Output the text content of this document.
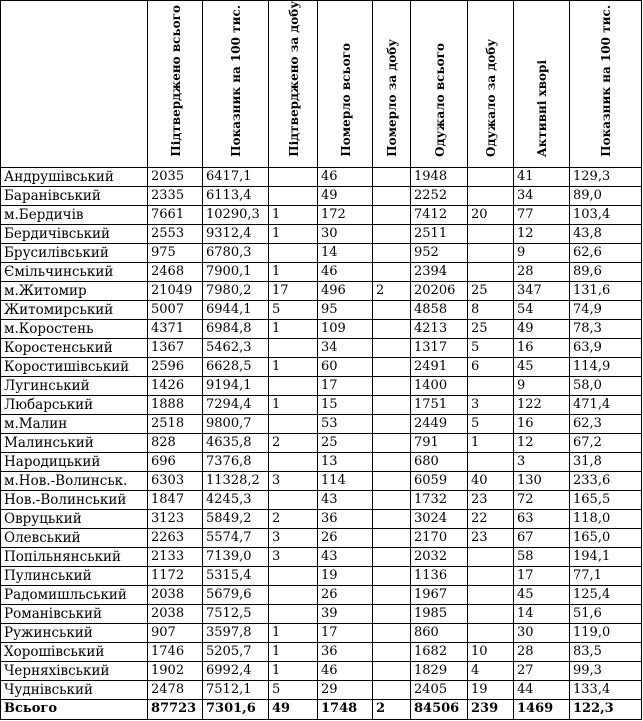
	Підтверджено всього	Показник на 100 тис.	Підтверджено за добу	Померло всього	Померло за добу	Одужало всього	Одужало за добу	Активні хворі	Показник на 100 тис.
Андрушівський	2035	6417,1		46		1948		41	129,3
Баранівський	2335	6113,4		49		2252		34	89,0
м.Бердичів	7661	10290,3	1	172		7412	20	77	103,4
Бердичівський	2553	9312,4	1	30		2511		12	43,8
Брусилівський	975	6780,3		14		952		9	62,6
Ємільчинський	2468	7900,1	1	46		2394		28	89,6
м.Житомир	21049	7980,2	17	496	2	20206	25	347	131,6
Житомирський	5007	6944,1	5	95		4858	8	54	74,9
м.Коростень	4371	6984,8	1	109		4213	25	49	78,3
Коростенський	1367	5462,3		34		1317	5	16	63,9
Коростишівський	2596	6628,5	1	60		2491	6	45	114,9
Лугинський	1426	9194,1		17		1400		9	58,0
Любарський	1888	7294,4	1	15		1751	3	122	471,4
м.Малин	2518	9800,7		53		2449	5	16	62,3
Малинський	828	4635,8	2	25		791	1	12	67,2
Народицький	696	7376,8		13		680		3	31,8
м.Нов.-Волинськ.	6303	11328,2	3	114		6059	40	130	233,6
Нов.-Волинський	1847	4245,3		43		1732	23	72	165,5
Овруцький	3123	5849,2	2	36		3024	22	63	118,0
Олевський	2263	5574,7	3	26		2170	23	67	165,0
Попільнянський	2133	7139,0	3	43		2032		58	194,1
Пулинський	1172	5315,4		19		1136		17	77,1
Радомишльський	2038	5679,6		26		1967		45	125,4
Романівський	2038	7512,5		39		1985		14	51,6
Ружинський	907	3597,8	1	17		860		30	119,0
Хорошівський	1746	5205,7	1	36		1682	10	28	83,5
Черняхівський	1902	6992,4	1	46		1829	4	27	99,3
Чуднівський	2478	7512,1	5	29		2405	19	44	133,4
Всього	87723	7301,6	49	1748	2	84506	239	1469	122,3
